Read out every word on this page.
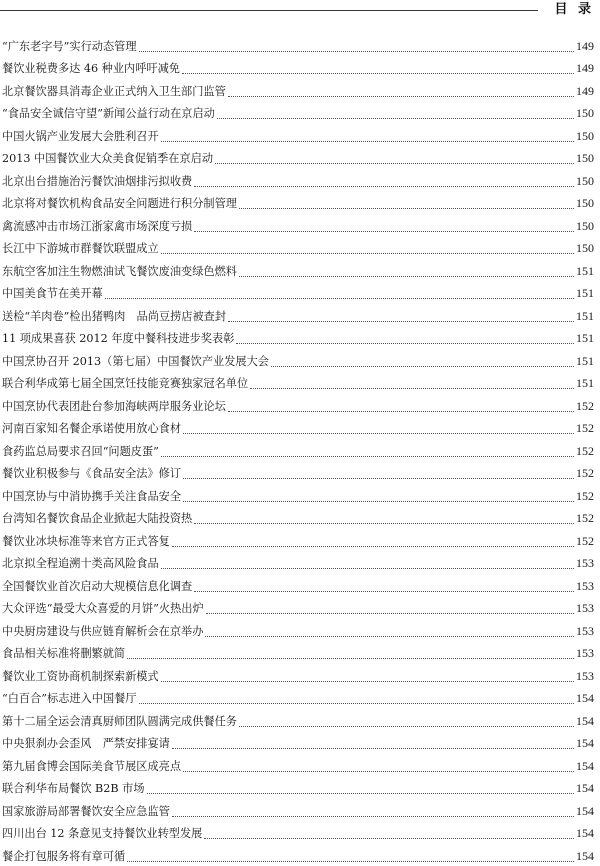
目 录
“广东老字号”实行动态管理	149
餐饮业税费多达 46 种业内呼吁减免	149
北京餐饮器具消毒企业正式纳入卫生部门监管	149
“食品安全诚信守望”新闻公益行动在京启动	150
中国火锅产业发展大会胜利召开	150
2013 中国餐饮业大众美食促销季在京启动	150
北京出台措施治污餐饮油烟排污拟收费	150
北京将对餐饮机构食品安全问题进行积分制管理	150
禽流感冲击市场江浙家禽市场深度亏损	150
长江中下游城市群餐饮联盟成立	150
东航空客加注生物燃油试飞餐饮废油变绿色燃料	151
中国美食节在美开幕	151
送检“羊肉卷”检出猪鸭肉　品尚豆捞店被查封	151
11 项成果喜获 2012 年度中餐科技进步奖表彰	151
中国烹协召开 2013（第七届）中国餐饮产业发展大会	151
联合利华成第七届全国烹饪技能竞赛独家冠名单位	151
中国烹协代表团赴台参加海峡两岸服务业论坛	152
河南百家知名餐企承诺使用放心食材	152
食药监总局要求召回“问题皮蛋”	152
餐饮业积极参与《食品安全法》修订	152
中国烹协与中消协携手关注食品安全	152
台湾知名餐饮食品企业掀起大陆投资热	152
餐饮业冰块标准等来官方正式答复	152
北京拟全程追溯十类高风险食品	153
全国餐饮业首次启动大规模信息化调查	153
大众评选“最受大众喜爱的月饼”火热出炉	153
中央厨房建设与供应链育解析会在京举办	153
食品相关标准将删繁就简	153
餐饮业工资协商机制探索新模式	153
“白百合”标志进入中国餐厅	154
第十二届全运会清真厨师团队圆满完成供餐任务	154
中央狠刹办会歪风　严禁安排宴请	154
第九届食博会国际美食节展区成亮点	154
联合利华布局餐饮 B2B 市场	154
国家旅游局部署餐饮安全应急监管	154
四川出台 12 条意见支持餐饮业转型发展	154
餐企打包服务将有章可循	154
